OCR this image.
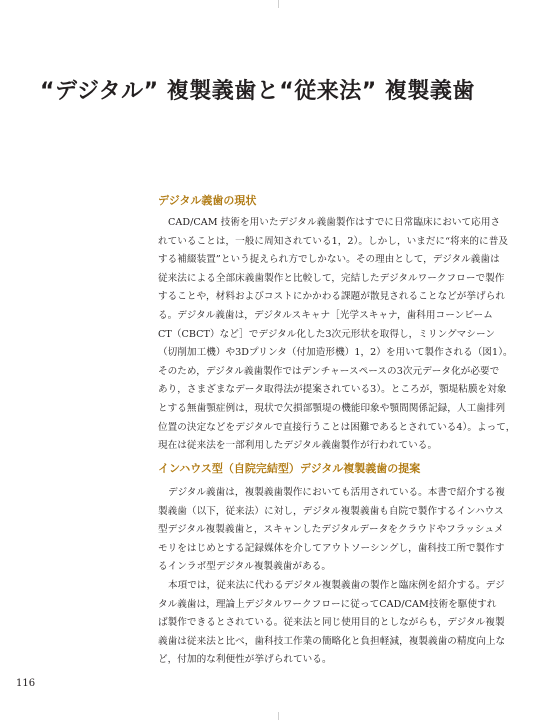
“デジタル” 複製義歯と“従来法” 複製義歯
デジタル義歯の現状
CAD/CAM 技術を用いたデジタル義歯製作はすでに日常臨床において応用さ
れていることは，一般に周知されている1，2）。しかし，いまだに“将来的に普及
する補綴装置”という捉えられ方でしかない。その理由として，デジタル義歯は
従来法による全部床義歯製作と比較して，完結したデジタルワークフローで製作
することや，材料およびコストにかかわる課題が散見されることなどが挙げられ
る。デジタル義歯は，デジタルスキャナ［光学スキャナ，歯科用コーンビーム
CT（CBCT）など］でデジタル化した3次元形状を取得し，ミリングマシーン
（切削加工機）や3Dプリンタ（付加造形機）1，2）を用いて製作される（図1）。
そのため，デジタル義歯製作ではデンチャースペースの3次元データ化が必要で
あり，さまざまなデータ取得法が提案されている3）。ところが，顎堤粘膜を対象
とする無歯顎症例は，現状で欠損部顎堤の機能印象や顎間関係記録，人工歯排列
位置の決定などをデジタルで直接行うことは困難であるとされている4）。よって，
現在は従来法を一部利用したデジタル義歯製作が行われている。
インハウス型（自院完結型）デジタル複製義歯の提案
デジタル義歯は，複製義歯製作においても活用されている。本書で紹介する複
製義歯（以下，従来法）に対し，デジタル複製義歯も自院で製作するインハウス
型デジタル複製義歯と，スキャンしたデジタルデータをクラウドやフラッシュメ
モリをはじめとする記録媒体を介してアウトソーシングし，歯科技工所で製作す
るインラボ型デジタル複製義歯がある。
本項では，従来法に代わるデジタル複製義歯の製作と臨床例を紹介する。デジ
タル義歯は，理論上デジタルワークフローに従ってCAD/CAM技術を駆使すれ
ば製作できるとされている。従来法と同じ使用目的としながらも，デジタル複製
義歯は従来法と比べ，歯科技工作業の簡略化と負担軽減，複製義歯の精度向上な
ど，付加的な利便性が挙げられている。
116
